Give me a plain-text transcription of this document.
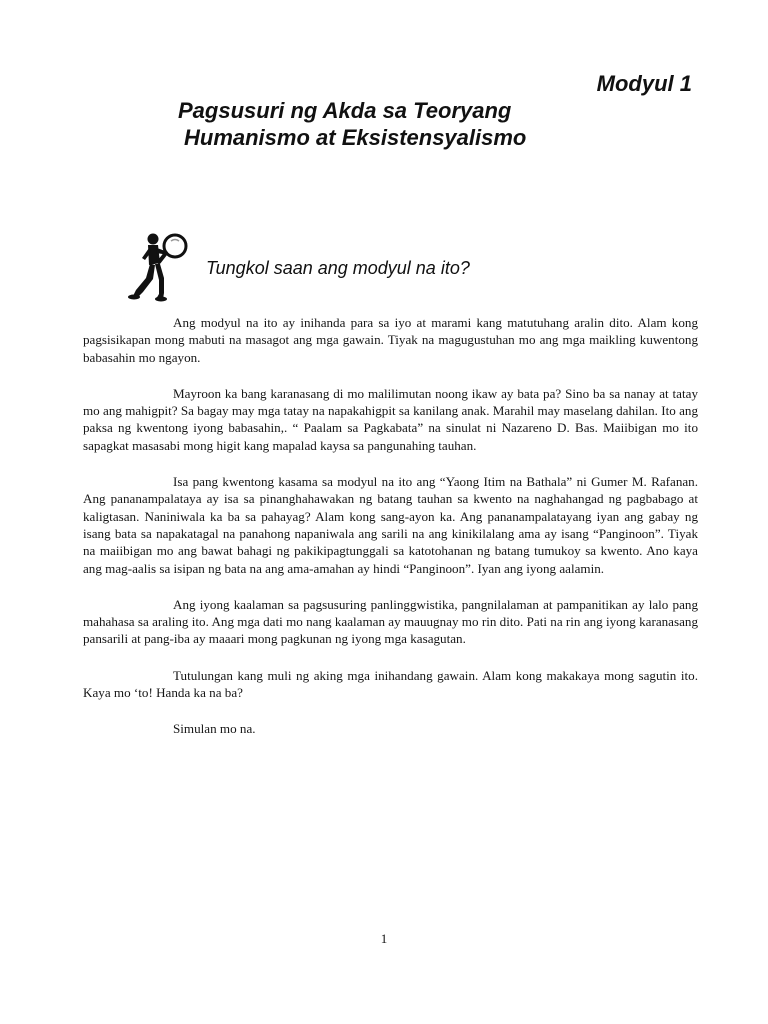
Modyul 1
Pagsusuri ng Akda sa Teoryang
Humanismo at Eksistensyalismo
Tungkol saan ang modyul na ito?

Ang modyul na ito ay inihanda para sa iyo at marami kang matutuhang aralin dito. Alam kong pagsisikapan mong mabuti na masagot ang mga gawain. Tiyak na magugustuhan mo ang mga maikling kuwentong babasahin mo ngayon.

Mayroon ka bang karanasang di mo malilimutan noong ikaw ay bata pa? Sino ba sa nanay at tatay mo ang mahigpit? Sa bagay may mga tatay na napakahigpit sa kanilang anak. Marahil may maselang dahilan. Ito ang paksa ng kwentong iyong babasahin,. “ Paalam sa Pagkabata” na sinulat ni Nazareno D. Bas. Maiibigan mo ito sapagkat masasabi mong higit kang mapalad kaysa sa pangunahing tauhan.

Isa pang kwentong kasama sa modyul na ito ang “Yaong Itim na Bathala” ni Gumer M. Rafanan. Ang pananampalataya ay isa sa pinanghahawakan ng batang tauhan sa kwento na naghahangad ng pagbabago at kaligtasan. Naniniwala ka ba sa pahayag? Alam kong sang-ayon ka. Ang pananampalatayang iyan ang gabay ng isang bata sa napakatagal na panahong napaniwala ang sarili na ang kinikilalang ama ay isang “Panginoon”. Tiyak na maiibigan mo ang bawat bahagi ng pakikipagtunggali sa katotohanan ng batang tumukoy sa kwento. Ano kaya ang mag-aalis sa isipan ng bata na ang ama-amahan ay hindi “Panginoon”. Iyan ang iyong aalamin.

Ang iyong kaalaman sa pagsusuring panlinggwistika, pangnilalaman at pampanitikan ay lalo pang mahahasa sa araling ito. Ang mga dati mo nang kaalaman ay mauugnay mo rin dito. Pati na rin ang iyong karanasang pansarili at pang-iba ay maaari mong pagkunan ng iyong mga kasagutan.

Tutulungan kang muli ng aking mga inihandang gawain. Alam kong makakaya mong sagutin ito. Kaya mo ‘to! Handa ka na ba?

Simulan mo na.

1
